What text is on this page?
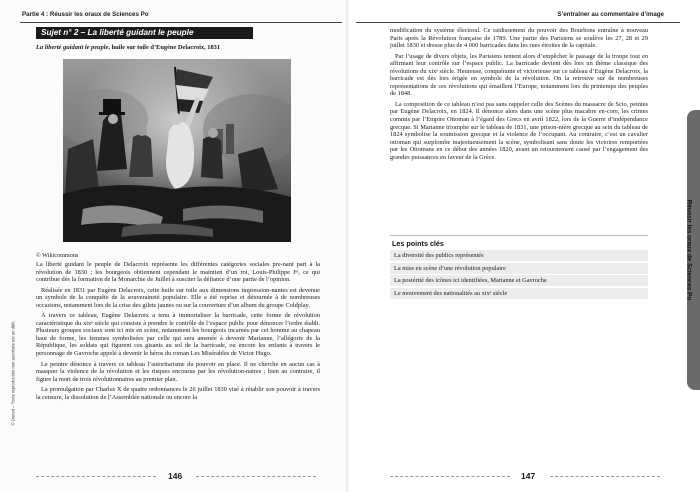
Partie 4 : Réussir les oraux de Sciences Po
Sujet n° 2 – La liberté guidant le peuple
La liberté guidant le peuple, huile sur toile d’Eugène Delacroix, 1831
© Wikicommons

La liberté guidant le peuple de Delacroix représente les différentes catégories sociales pre-nant part à la révolution de 1830 ; les bourgeois obtiennent cependant le maintien d’un roi, Louis-Philippe Iᵉʳ, ce qui contribue dès la formation de la Monarchie de Juillet à susciter la défiance d’une partie de l’opinion.

Réalisée en 1831 par Eugène Delacroix, cette huile sur toile aux dimensions impression-nantes est devenue un symbole de la conquête de la souveraineté populaire. Elle a été reprise et détournée à de nombreuses occasions, notamment lors de la crise des gilets jaunes ou sur la couverture d’un album du groupe Coldplay.

À travers ce tableau, Eugène Delacroix a tenu à immortaliser la barricade, cette forme de révolution caractéristique du xixᵉ siècle qui consiste à prendre le contrôle de l’espace public pour dénoncer l’ordre établi. Plusieurs groupes sociaux sont ici mis en scène, notamment les bourgeois incarnés par cet homme au chapeau haut de forme, les femmes symbolisées par celle qui sera amenée à devenir Marianne, l’allégorie de la République, les soldats qui figurent ces gisants au sol de la barricade, ou encore les enfants à travers le personnage de Gavroche appelé à devenir le héros du roman Les Misérables de Victor Hugo.

Le peintre dénonce à travers ce tableau l’autoritarisme du pouvoir en place. Il ne cherche en aucun cas à masquer la violence de la révolution et les risques encourus par les révolution-naires ; bien au contraire, il figure la mort de trois révolutionnaires au premier plan.

La promulgation par Charles X de quatre ordonnances le 26 juillet 1830 visé à rétablir son pouvoir à travers la censure, la dissolution de l’Assemblée nationale ou encore la

146
S’entraîner au commentaire d’image

modification du système électoral. Ce raidissement du pouvoir des Bourbons entraîne à nouveau Paris après la Révolution française de 1789. Une partie des Parisiens se soulève les 27, 28 et 29 juillet 1830 et dresse plus de 4 000 barricades dans les rues étroites de la capitale.

Par l’usage de divers objets, les Parisiens tentent alors d’empêcher le passage de la troupe tout en affirmant leur contrôle sur l’espace public. La barricade devient dès lors un thème classique des révolutions du xixᵉ siècle. Heureuse, conquérante et victorieuse sur ce tableau d’Eugène Delacroix, la barricade est dès lors érigée en symbole de la révolution. On la retrouve sur de nombreuses représentations de ces révolutions qui émaillent l’Europe, notamment lors du printemps des peuples de 1848.

La composition de ce tableau n’est pas sans rappeler celle des Scènes du massacre de Scio, peintes par Eugène Delacroix, en 1824. Il dénonce alors dans une scène plus macabre en-core, les crimes commis par l’Empire Ottoman à l’égard des Grecs en avril 1822, lors de la Guerre d’indépendance grecque. Si Marianne triomphe sur le tableau de 1831, une prison-nière grecque au sein du tableau de 1824 symbolise la soumission grecque et la violence de l’occupant. Au contraire, c’est un cavalier ottoman qui surplombe majestueusement la scène, symbolisant sans doute les victoires remportées par les Ottomans en ce début des années 1820, avant un retournement causé par l’engagement des grandes puissances en faveur de la Grèce.

Les points clés
La diversité des publics représentés
La mise en scène d’une révolution populaire
La postérité des icônes ici identifiées, Marianne et Gavroche
Le mouvement des nationalités au xixᵉ siècle
147
Réussir les oraux de Sciences Po
© Dunod – Toute reproduction non autorisée est un délit.
